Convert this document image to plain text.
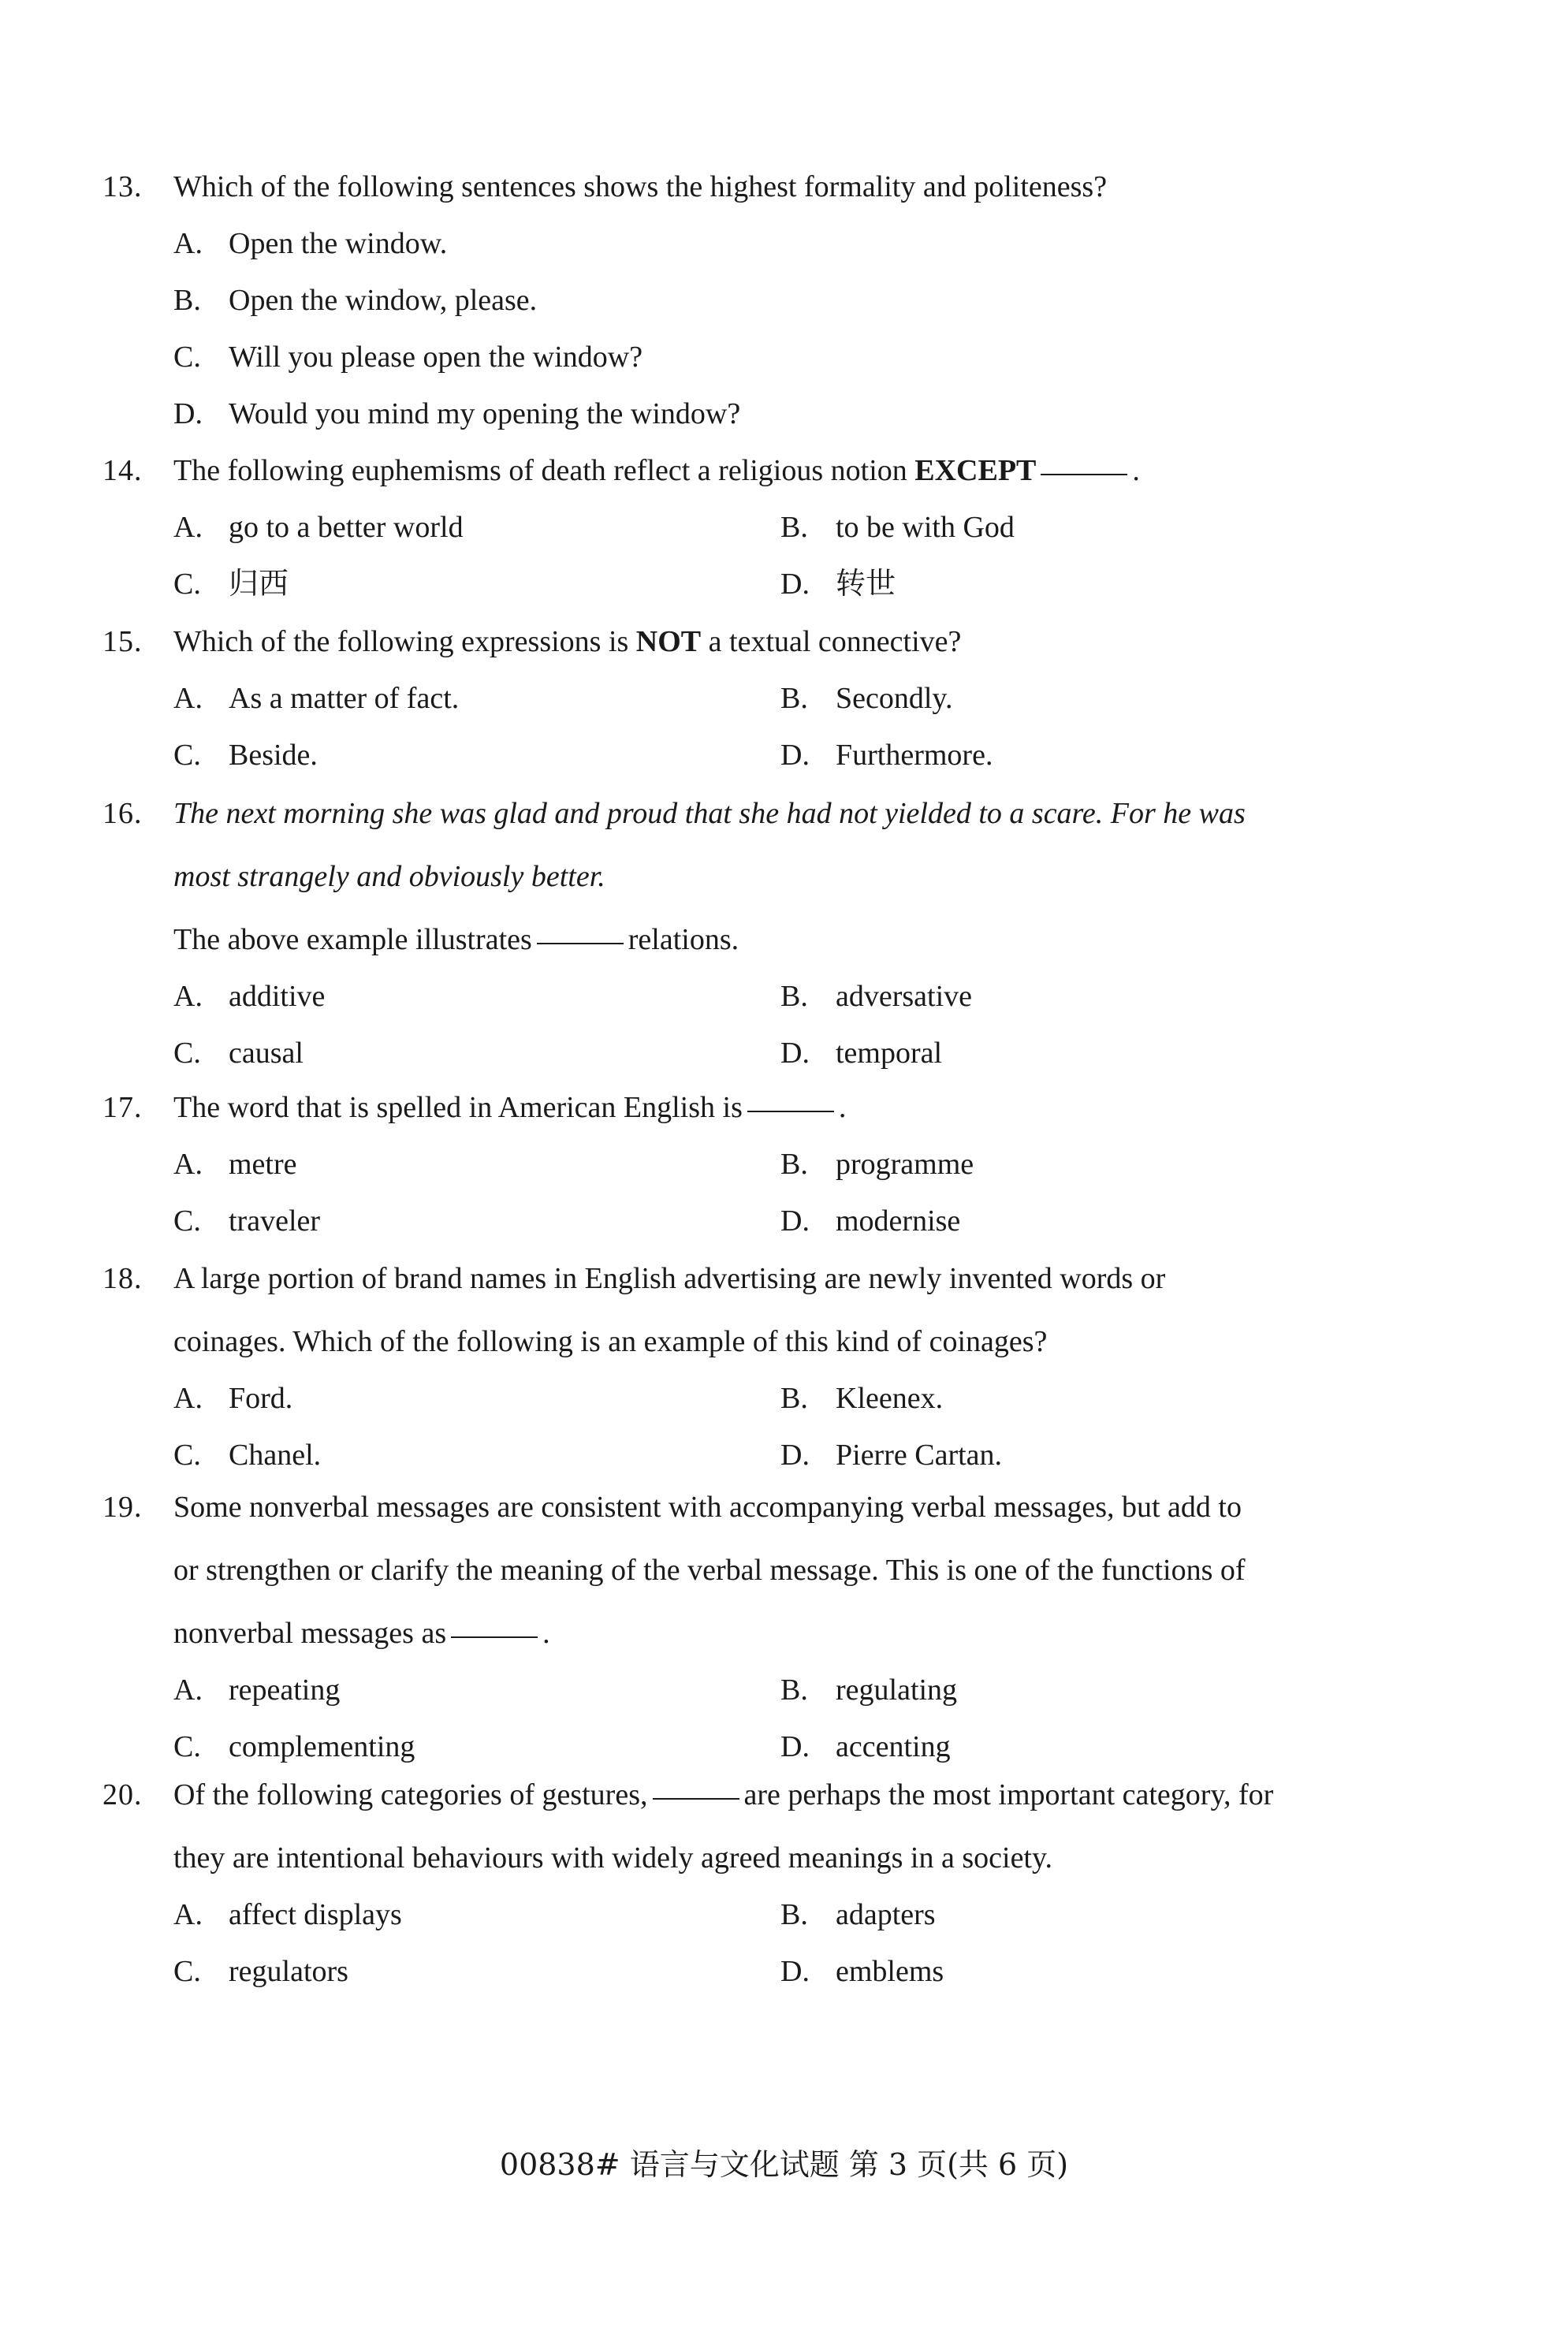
13.	Which of the following sentences shows the highest formality and politeness?
A. Open the window.
B. Open the window, please.
C. Will you please open the window?
D. Would you mind my opening the window?
14.	The following euphemisms of death reflect a religious notion EXCEPT	.
A. go to a better world	B. to be with God
C. 归西	D. 转世
15.	Which of the following expressions is NOT a textual connective?
A. As a matter of fact.	B. Secondly.
C. Beside.	D. Furthermore.
16.	The next morning she was glad and proud that she had not yielded to a scare. For he was
most strangely and obviously better.
The above example illustrates	relations.
A. additive	B. adversative
C. causal	D. temporal
17.	The word that is spelled in American English is	.
A. metre	B. programme
C. traveler	D. modernise
18.	A large portion of brand names in English advertising are newly invented words or
coinages. Which of the following is an example of this kind of coinages?
A. Ford.	B. Kleenex.
C. Chanel.	D. Pierre Cartan.
19.	Some nonverbal messages are consistent with accompanying verbal messages, but add to
or strengthen or clarify the meaning of the verbal message. This is one of the functions of
nonverbal messages as	.
A. repeating	B. regulating
C. complementing	D. accenting
20.	Of the following categories of gestures,	are perhaps the most important category, for
they are intentional behaviours with widely agreed meanings in a society.
A. affect displays	B. adapters
C. regulators	D. emblems
00838# 语言与文化试题 第 3 页(共 6 页)
